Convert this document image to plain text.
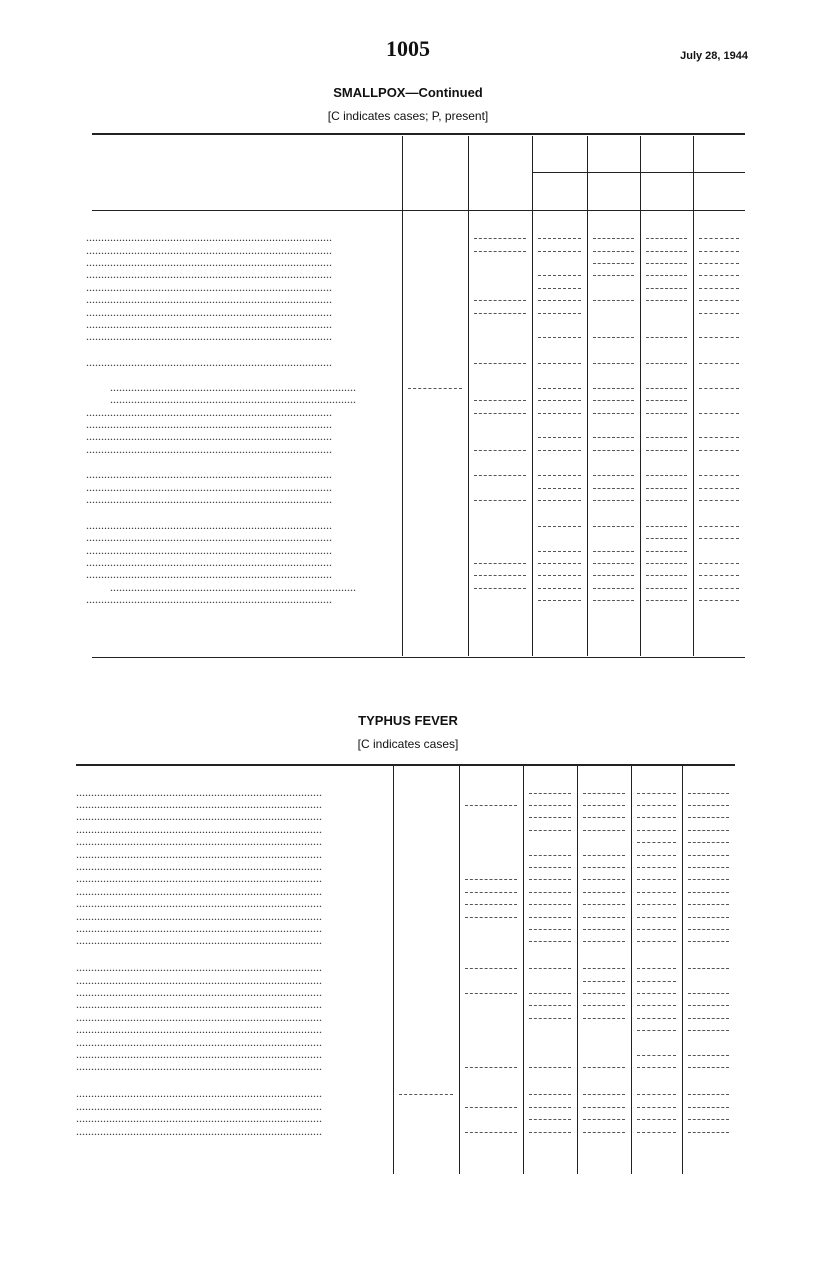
1005	July 28, 1944
SMALLPOX—Continued
[C indicates cases; P, present]
..................................................................................
..................................................................................
..................................................................................
..................................................................................
..................................................................................
..................................................................................
..................................................................................
..................................................................................
..................................................................................
..................................................................................
..................................................................................
..................................................................................
..................................................................................
..................................................................................
..................................................................................
..................................................................................
..................................................................................
..................................................................................
..................................................................................
..................................................................................
..................................................................................
..................................................................................
..................................................................................
..................................................................................
..................................................................................
..................................................................................
TYPHUS FEVER
[C indicates cases]
..................................................................................
..................................................................................
..................................................................................
..................................................................................
..................................................................................
..................................................................................
..................................................................................
..................................................................................
..................................................................................
..................................................................................
..................................................................................
..................................................................................
..................................................................................
..................................................................................
..................................................................................
..................................................................................
..................................................................................
..................................................................................
..................................................................................
..................................................................................
..................................................................................
..................................................................................
..................................................................................
..................................................................................
..................................................................................
..................................................................................
